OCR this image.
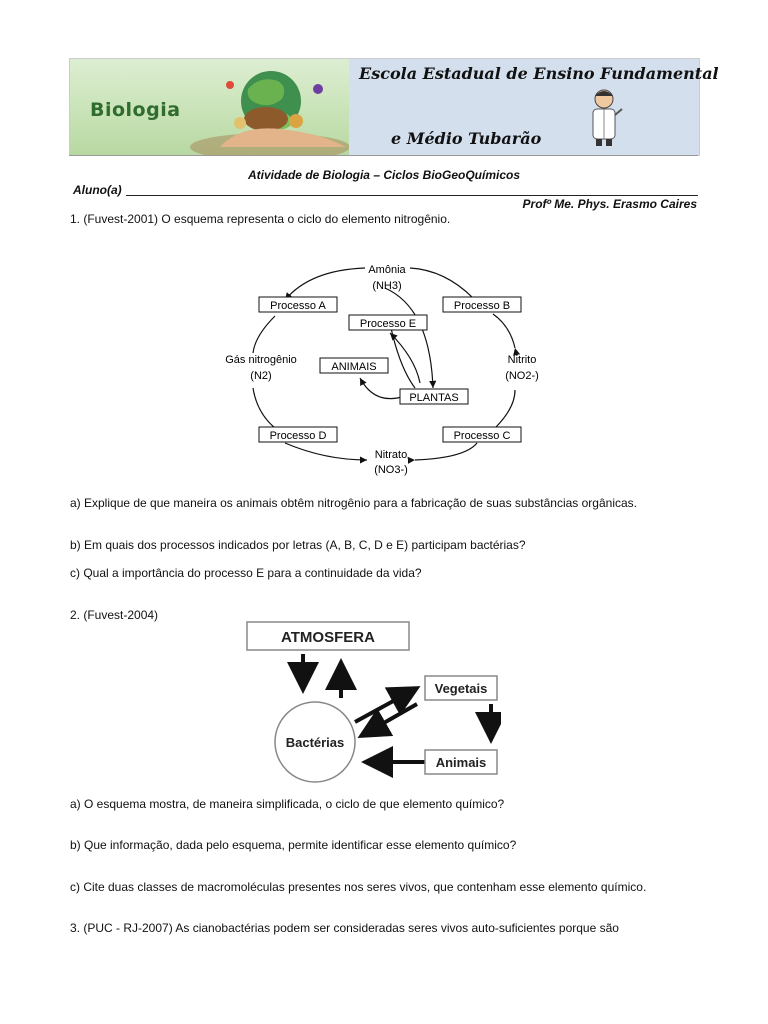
Biologia
Escola Estadual de Ensino Fundamental
e Médio Tubarão
Atividade de Biologia – Ciclos BioGeoQuímicos
Aluno(a)
Profº Me. Phys. Erasmo Caires
1. (Fuvest-2001) O esquema representa o ciclo do elemento nitrogênio.
Amônia
(NH3)
Processo A	Processo B
Processo E
ANIMAIS
PLANTAS
Gás nitrogênio
(N2)
Nitrito
(NO2-)
Processo D	Processo C
Nitrato
(NO3-)
a) Explique de que maneira os animais obtêm nitrogênio para a fabricação de suas substâncias orgânicas.
b) Em quais dos processos indicados por letras (A, B, C, D e E) participam bactérias?
c) Qual a importância do processo E para a continuidade da vida?
2. (Fuvest-2004)
ATMOSFERA
Vegetais
Bactérias
Animais
a) O esquema mostra, de maneira simplificada, o ciclo de que elemento químico?
b) Que informação, dada pelo esquema, permite identificar esse elemento químico?
c) Cite duas classes de macromoléculas presentes nos seres vivos, que contenham esse elemento químico.
3. (PUC - RJ-2007) As cianobactérias podem ser consideradas seres vivos auto-suficientes porque são
